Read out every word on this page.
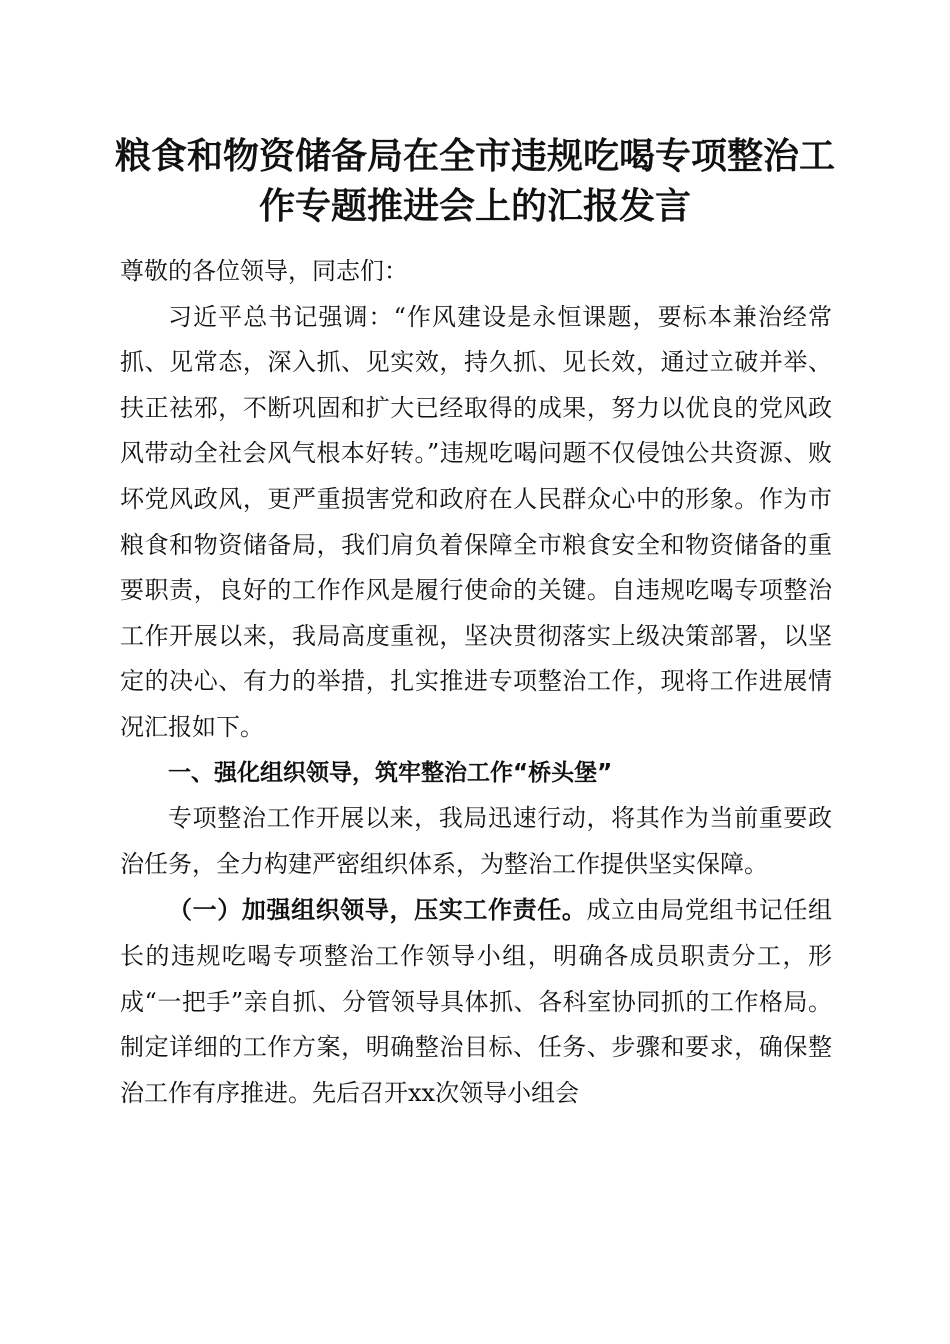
粮食和物资储备局在全市违规吃喝专项整治工
作专题推进会上的汇报发言

尊敬的各位领导，同志们：

习近平总书记强调：“作风建设是永恒课题，要标本兼治经常抓、见常态，深入抓、见实效，持久抓、见长效，通过立破并举、扶正祛邪，不断巩固和扩大已经取得的成果，努力以优良的党风政风带动全社会风气根本好转。”违规吃喝问题不仅侵蚀公共资源、败坏党风政风，更严重损害党和政府在人民群众心中的形象。作为市粮食和物资储备局，我们肩负着保障全市粮食安全和物资储备的重要职责，良好的工作作风是履行使命的关键。自违规吃喝专项整治工作开展以来，我局高度重视，坚决贯彻落实上级决策部署，以坚定的决心、有力的举措，扎实推进专项整治工作，现将工作进展情况汇报如下。

一、强化组织领导，筑牢整治工作“桥头堡”

专项整治工作开展以来，我局迅速行动，将其作为当前重要政治任务，全力构建严密组织体系，为整治工作提供坚实保障。

（一）加强组织领导，压实工作责任。成立由局党组书记任组长的违规吃喝专项整治工作领导小组，明确各成员职责分工，形成“一把手”亲自抓、分管领导具体抓、各科室协同抓的工作格局。制定详细的工作方案，明确整治目标、任务、步骤和要求，确保整治工作有序推进。先后召开xx次领导小组会
